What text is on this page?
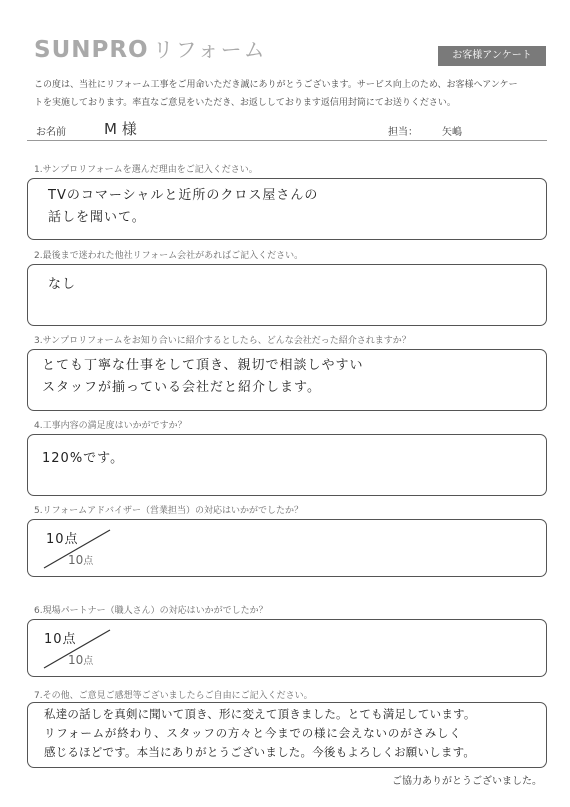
SUNPRO リフォーム	お客様アンケート
この度は、当社にリフォーム工事をご用命いただき誠にありがとうございます。サービス向上のため、お客様へアンケー
トを実施しております。率直なご意見をいただき、お返ししております返信用封筒にてお送りください。
お名前	M 様	担当： 矢嶋
1.サンプロリフォームを選んだ理由をご記入ください。
TVのコマーシャルと近所のクロス屋さんの
話しを聞いて。
2.最後まで迷われた他社リフォーム会社があればご記入ください。
なし
3.サンプロリフォームをお知り合いに紹介するとしたら、どんな会社だった紹介されますか？
とても丁寧な仕事をして頂き、親切で相談しやすい
スタッフが揃っている会社だと紹介します。
4.工事内容の満足度はいかがですか？
120%です。
5.リフォームアドバイザー（営業担当）の対応はいかがでしたか？
10点
10点
6.現場パートナー（職人さん）の対応はいかがでしたか？
10点
10点
7.その他、ご意見ご感想等ございましたらご自由にご記入ください。
私達の話しを真剣に聞いて頂き、形に変えて頂きました。とても満足しています。
リフォームが終わり、スタッフの方々と今までの様に会えないのがさみしく
感じるほどです。本当にありがとうございました。今後もよろしくお願いします。
ご協力ありがとうございました。
